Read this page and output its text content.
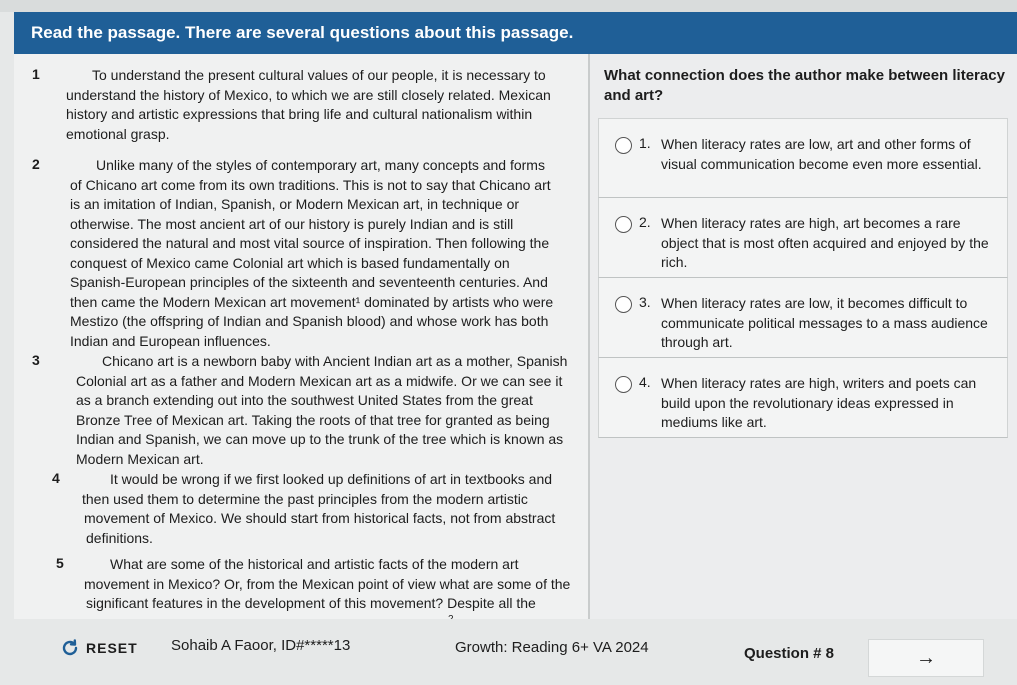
Read the passage. There are several questions about this passage.
1	To understand the present cultural values of our people, it is necessary to
understand the history of Mexico, to which we are still closely related. Mexican
history and artistic expressions that bring life and cultural nationalism within
emotional grasp.
2	Unlike many of the styles of contemporary art, many concepts and forms
of Chicano art come from its own traditions. This is not to say that Chicano art
is an imitation of Indian, Spanish, or Modern Mexican art, in technique or
otherwise. The most ancient art of our history is purely Indian and is still
considered the natural and most vital source of inspiration. Then following the
conquest of Mexico came Colonial art which is based fundamentally on
Spanish-European principles of the sixteenth and seventeenth centuries. And
then came the Modern Mexican art movement¹ dominated by artists who were
Mestizo (the offspring of Indian and Spanish blood) and whose work has both
Indian and European influences.
3	Chicano art is a newborn baby with Ancient Indian art as a mother, Spanish
Colonial art as a father and Modern Mexican art as a midwife. Or we can see it
as a branch extending out into the southwest United States from the great
Bronze Tree of Mexican art. Taking the roots of that tree for granted as being
Indian and Spanish, we can move up to the trunk of the tree which is known as
Modern Mexican art.
4	It would be wrong if we first looked up definitions of art in textbooks and
then used them to determine the past principles from the modern artistic
movement of Mexico. We should start from historical facts, not from abstract
definitions.
5	What are some of the historical and artistic facts of the modern art
movement in Mexico? Or, from the Mexican point of view what are some of the
significant features in the development of this movement? Despite all the
What connection does the author make between literacy and art?
1. When literacy rates are low, art and other forms of visual communication become even more essential.
2. When literacy rates are high, art becomes a rare object that is most often acquired and enjoyed by the rich.
3. When literacy rates are low, it becomes difficult to communicate political messages to a mass audience through art.
4. When literacy rates are high, writers and poets can build upon the revolutionary ideas expressed in mediums like art.
RESET Sohaib A Faoor, ID#*****13	Growth: Reading 6+ VA 2024	Question # 8	→
